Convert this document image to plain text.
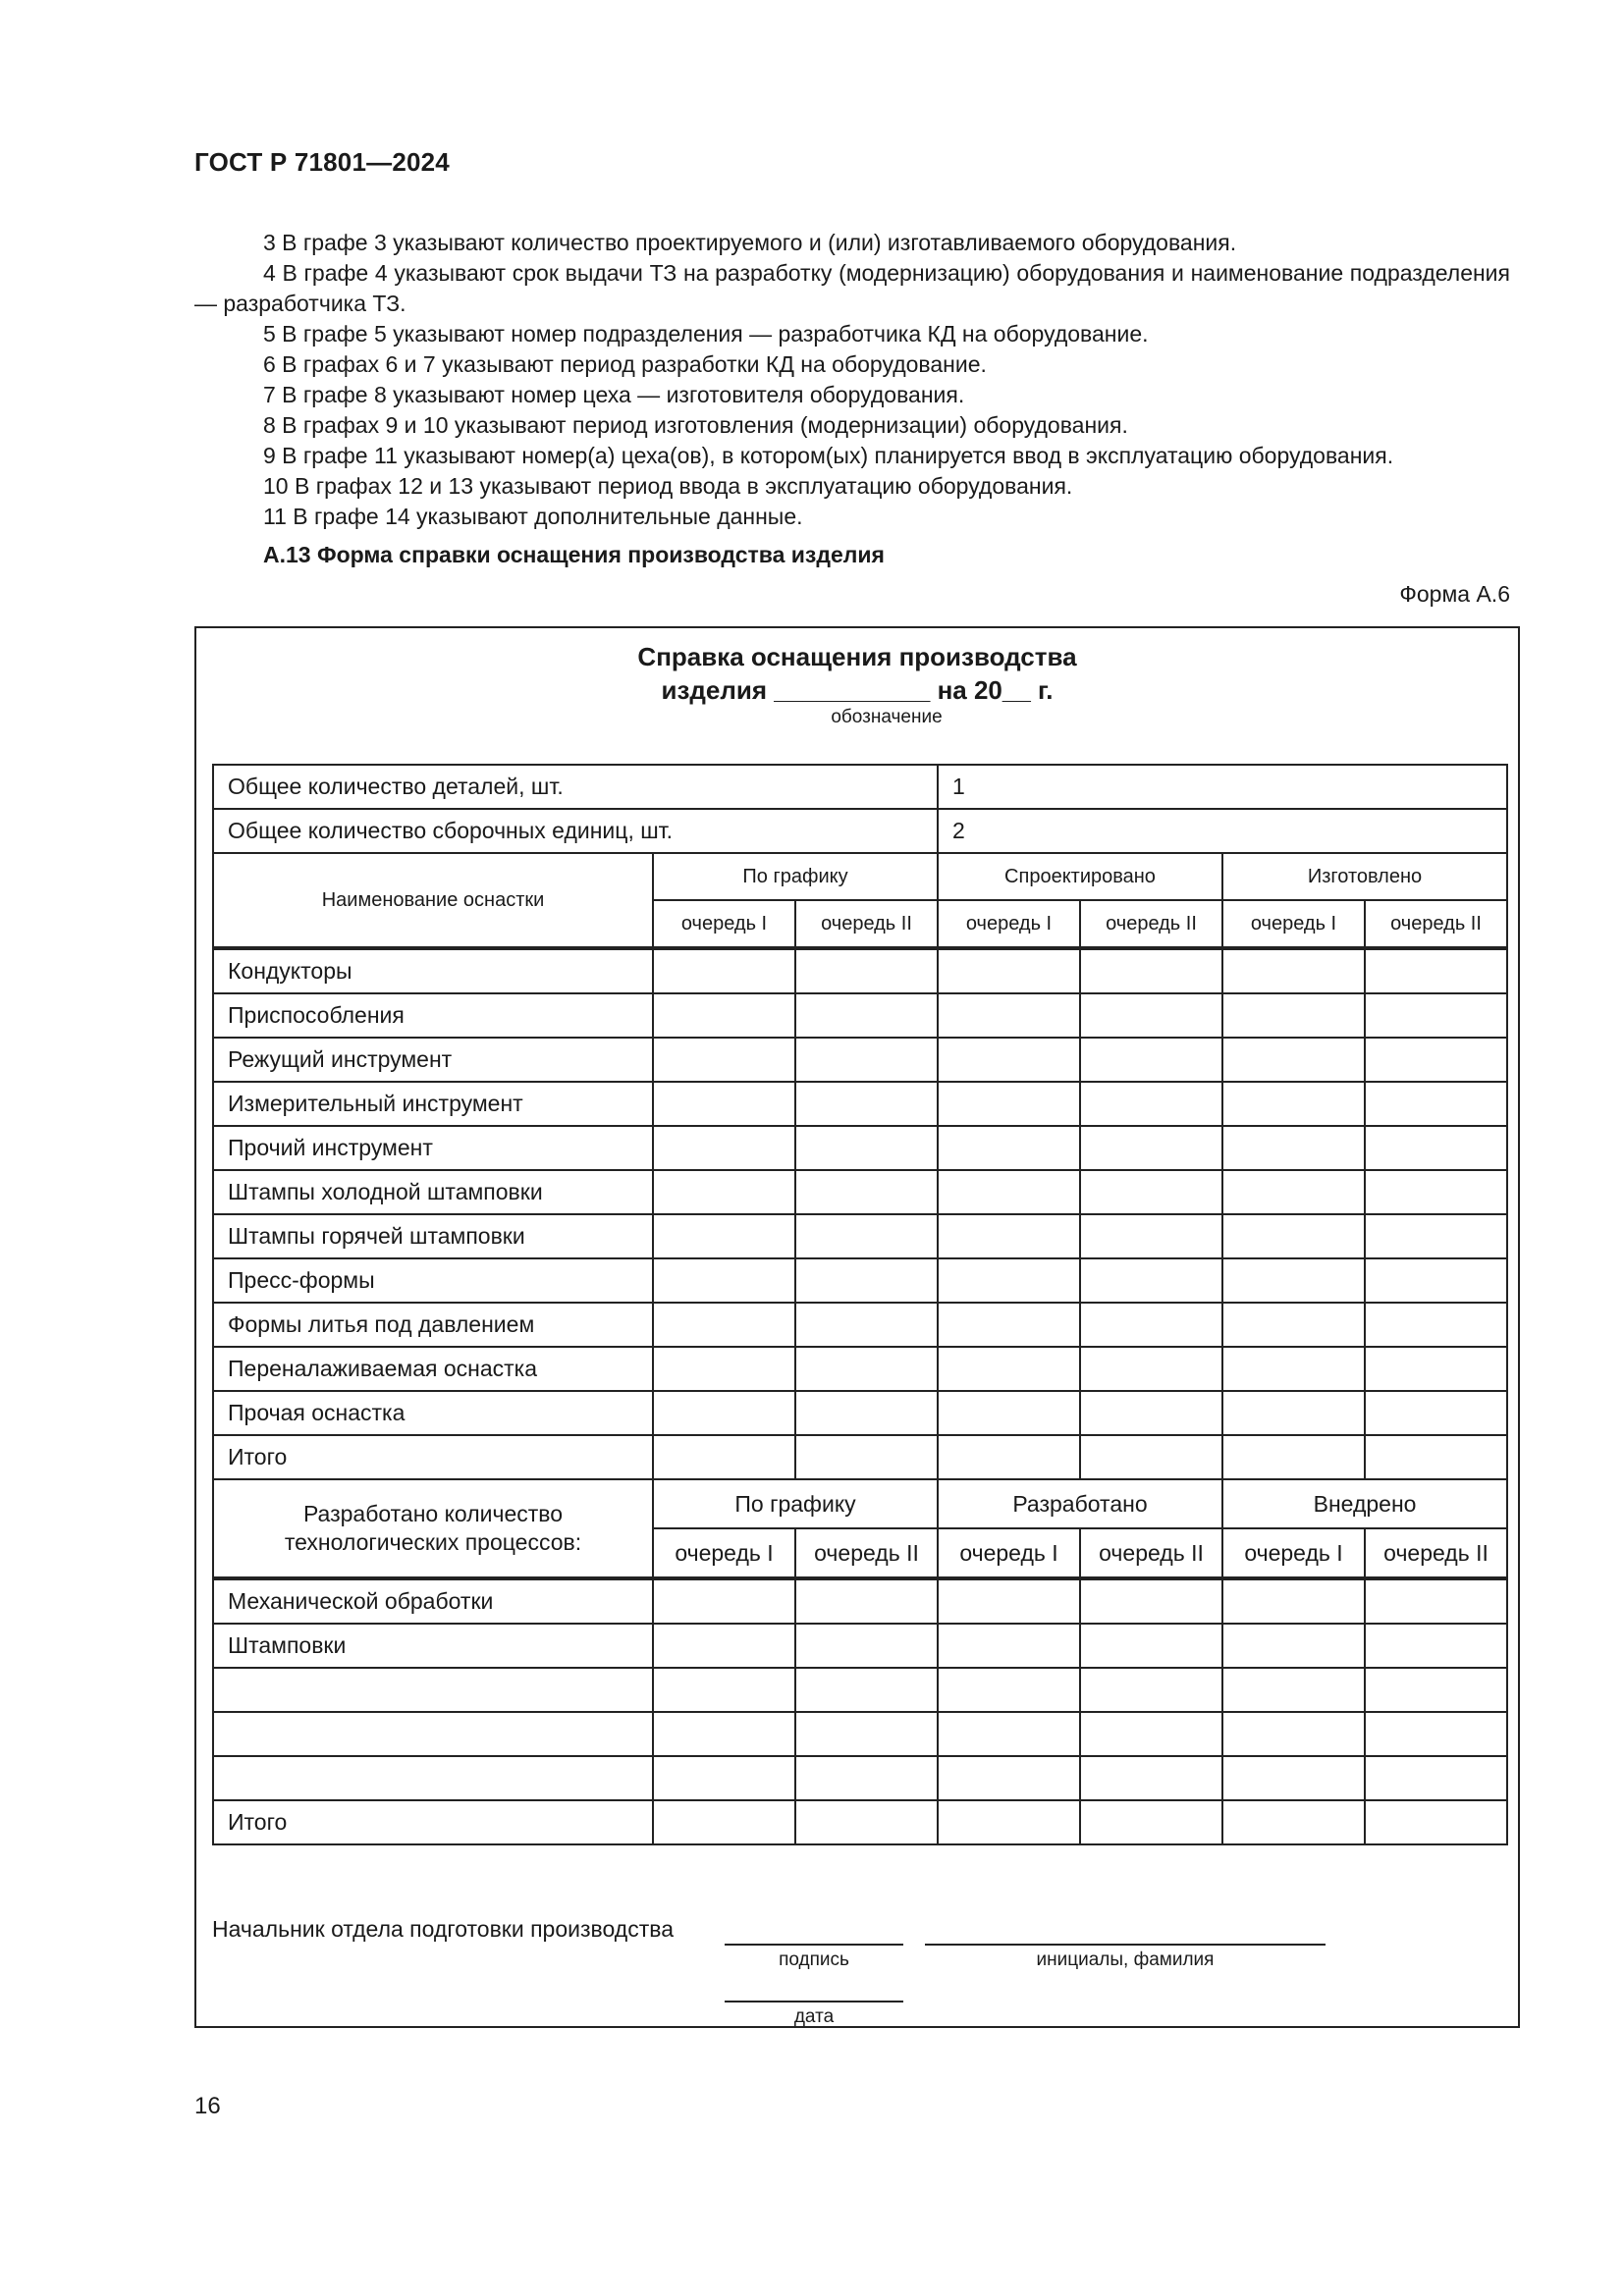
ГОСТ Р 71801—2024

3 В графе 3 указывают количество проектируемого и (или) изготавливаемого оборудования.

4 В графе 4 указывают срок выдачи ТЗ на разработку (модернизацию) оборудования и наименование подразделения — разработчика ТЗ.

5 В графе 5 указывают номер подразделения — разработчика КД на оборудование.

6 В графах 6 и 7 указывают период разработки КД на оборудование.

7 В графе 8 указывают номер цеха — изготовителя оборудования.

8 В графах 9 и 10 указывают период изготовления (модернизации) оборудования.

9 В графе 11 указывают номер(а) цеха(ов), в котором(ых) планируется ввод в эксплуатацию оборудования.

10 В графах 12 и 13 указывают период ввода в эксплуатацию оборудования.

11 В графе 14 указывают дополнительные данные.

А.13 Форма справки оснащения производства изделия
Форма А.6
Справка оснащения производства
изделия ___________ на 20__ г.
обозначение
Общее количество деталей, шт.			1			
Общее количество сборочных единиц, шт.			2			
Наименование оснастки	По графику		Спроектировано		Изготовлено	
	очередь I	очередь II	очередь I	очередь II	очередь I	очередь II
Кондукторы						
Приспособления						
Режущий инструмент						
Измерительный инструмент						
Прочий инструмент						
Штампы холодной штамповки						
Штампы горячей штамповки						
Пресс-формы						
Формы литья под давлением						
Переналаживаемая оснастка						
Прочая оснастка						
Итого						
Разработано количество технологических процессов:	По графику		Разработано		Внедрено	
	очередь I	очередь II	очередь I	очередь II	очередь I	очередь II
Механической обработки						
Штамповки						

Итого						
Начальник отдела подготовки производства
подпись	инициалы, фамилия
дата
16
